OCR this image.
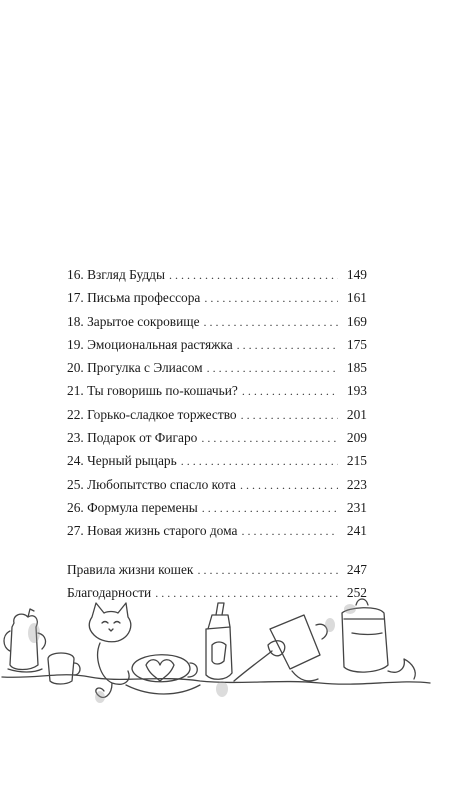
16. Взгляд Будды . . .	149
17. Письма профессора . . .	161
18. Зарытое сокровище . . .	169
19. Эмоциональная растяжка . . .	175
20. Прогулка с Элиасом . . .	185
21. Ты говоришь по-кошачьи? . . .	193
22. Горько-сладкое торжество . . .	201
23. Подарок от Фигаро . . .	209
24. Черный рыцарь . . .	215
25. Любопытство спасло кота . . .	223
26. Формула перемены . . .	231
27. Новая жизнь старого дома . . .	241
Правила жизни кошек . . .	247
Благодарности . . .	252
